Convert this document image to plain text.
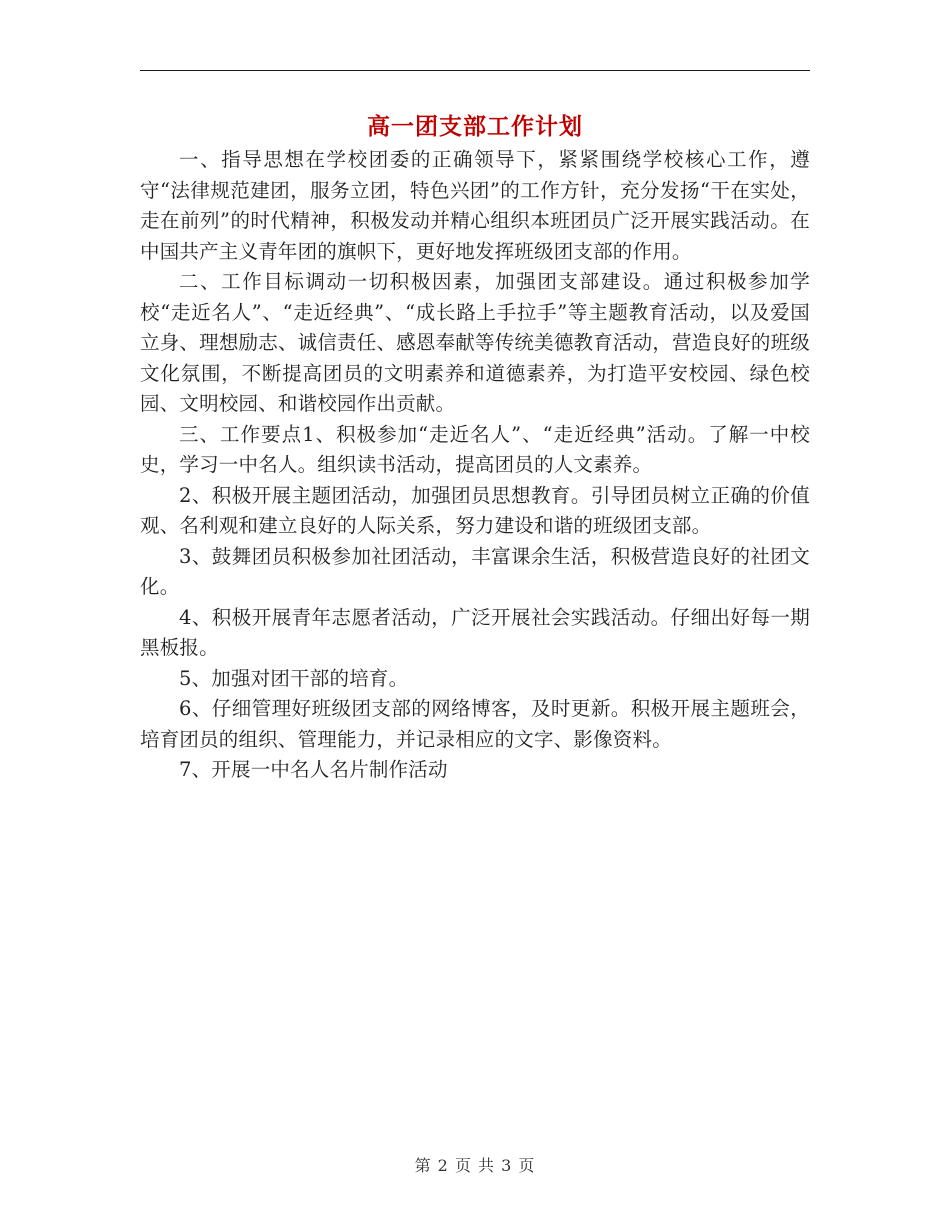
高一团支部工作计划

一、指导思想在学校团委的正确领导下，紧紧围绕学校核心工作，遵守“法律规范建团，服务立团，特色兴团”的工作方针，充分发扬“干在实处，走在前列”的时代精神，积极发动并精心组织本班团员广泛开展实践活动。在中国共产主义青年团的旗帜下，更好地发挥班级团支部的作用。

二、工作目标调动一切积极因素，加强团支部建设。通过积极参加学校“走近名人”、“走近经典”、“成长路上手拉手”等主题教育活动，以及爱国立身、理想励志、诚信责任、感恩奉献等传统美德教育活动，营造良好的班级文化氛围，不断提高团员的文明素养和道德素养，为打造平安校园、绿色校园、文明校园、和谐校园作出贡献。

三、工作要点1、积极参加“走近名人”、“走近经典”活动。了解一中校史，学习一中名人。组织读书活动，提高团员的人文素养。

2、积极开展主题团活动，加强团员思想教育。引导团员树立正确的价值观、名利观和建立良好的人际关系，努力建设和谐的班级团支部。

3、鼓舞团员积极参加社团活动，丰富课余生活，积极营造良好的社团文化。

4、积极开展青年志愿者活动，广泛开展社会实践活动。仔细出好每一期黑板报。

5、加强对团干部的培育。

6、仔细管理好班级团支部的网络博客，及时更新。积极开展主题班会，培育团员的组织、管理能力，并记录相应的文字、影像资料。

7、开展一中名人名片制作活动

第 2 页 共 3 页
